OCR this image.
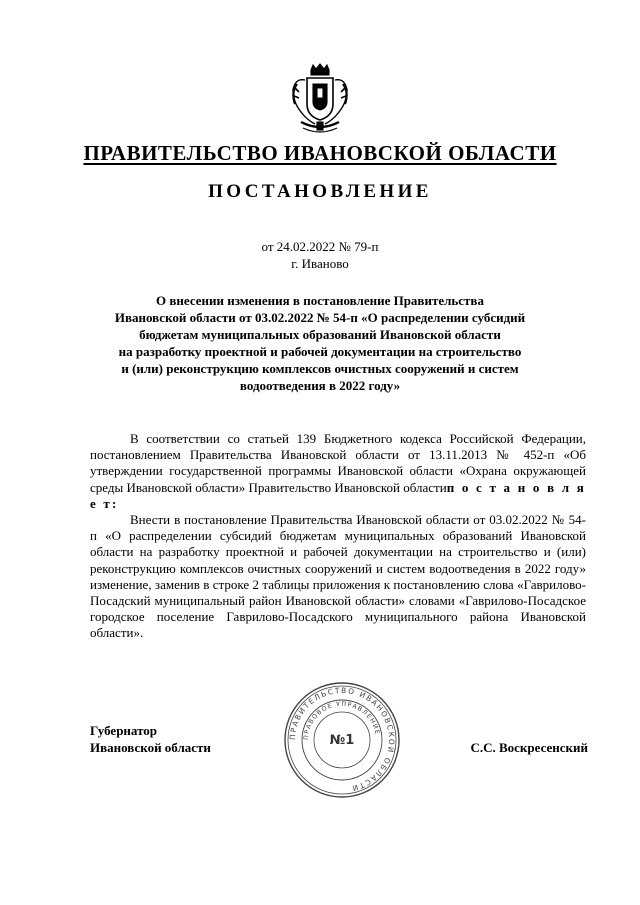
ПРАВИТЕЛЬСТВО ИВАНОВСКОЙ ОБЛАСТИ
ПОСТАНОВЛЕНИЕ
от 24.02.2022 № 79-п
г. Иваново
О внесении изменения в постановление Правительства
Ивановской области от 03.02.2022 № 54-п «О распределении субсидий
бюджетам муниципальных образований Ивановской области
на разработку проектной и рабочей документации на строительство
и (или) реконструкцию комплексов очистных сооружений и систем
водоотведения в 2022 году»

В соответствии со статьей 139 Бюджетного кодекса Российской Федерации, постановлением Правительства Ивановской области от 13.11.2013 № 452-п «Об утверждении государственной программы Ивановской области «Охрана окружающей среды Ивановской области» Правительство Ивановской областип о с т а н о в л я е т:

Внести в постановление Правительства Ивановской области от 03.02.2022 № 54-п «О распределении субсидий бюджетам муниципальных образований Ивановской области на разработку проектной и рабочей документации на строительство и (или) реконструкцию комплексов очистных сооружений и систем водоотведения в 2022 году» изменение, заменив в строке 2 таблицы приложения к постановлению слова «Гаврилово-Посадский муниципальный район Ивановской области» словами «Гаврилово-Посадское городское поселение Гаврилово-Посадского муниципального района Ивановской области».

Губернатор
Ивановской области	С.С. Воскресенский
ПРАВИТЕЛЬСТВО ИВАНОВСКОЙ ОБЛАСТИ
ПРАВОВОЕ УПРАВЛЕНИЕ
№1
